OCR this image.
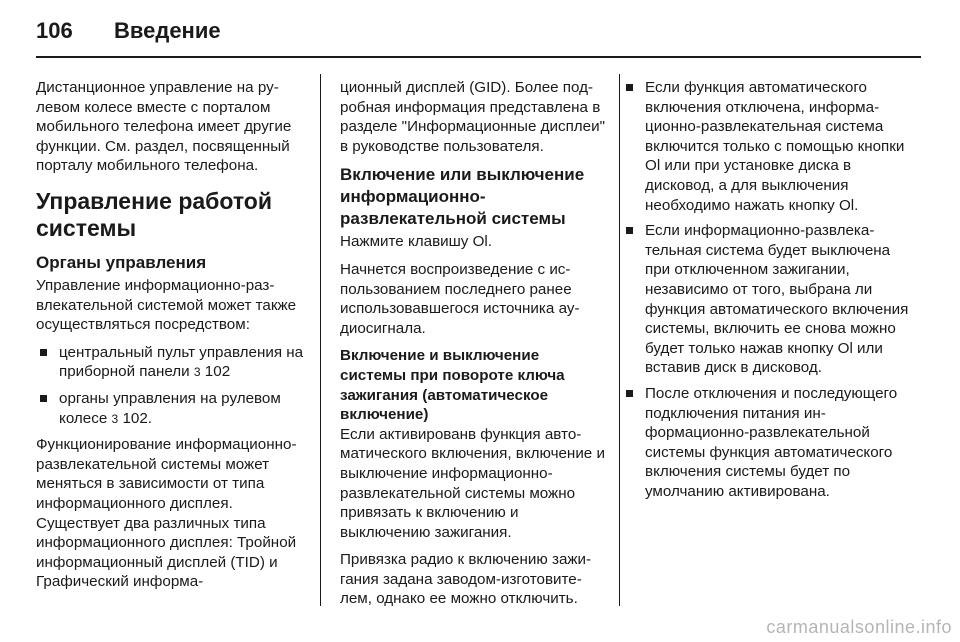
106	Введение

Дистанционное управление на рулевом колесе вместе с порталом мобильного телефона имеет другие функции. См. раздел, посвященный порталу мобильного телефона.

Управление работой системы
Органы управления

Управление информационно-развлекательной системой может также осуществляться посредством:

центральный пульт управления на приборной панели 3 102
органы управления на рулевом колесе 3 102.

Функционирование информационно-развлекательной системы может меняться в зависимости от типа информационного дисплея. Существует два различных типа информационного дисплея: Тройной информационный дисплей (TID) и Графический информа-

ционный дисплей (GID). Более подробная информация представлена в разделе "Информационные дисплеи" в руководстве пользователя.

Включение или выключение информационно-развлекательной системы

Нажмите клавишу Ol.

Начнется воспроизведение с использованием последнего ранее использовавшегося источника аудиосигнала.

Включение и выключение системы при повороте ключа зажигания (автоматическое включение)

Если активированв функция автоматического включения, включение и выключение информационно-развлекательной системы можно привязать к включению и выключению зажигания.

Привязка радио к включению зажигания задана заводом-изготовителем, однако ее можно отключить.

Если функция автоматического включения отключена, информационно-развлекательная система включится только с помощью кнопки Ol или при установке диска в дисковод, а для выключения необходимо нажать кнопку Ol.
Если информационно-развлекательная система будет выключена при отключенном зажигании, независимо от того, выбрана ли функция автоматического включения системы, включить ее снова можно будет только нажав кнопку Ol или вставив диск в дисковод.
После отключения и последующего подключения питания информационно-развлекательной системы функция автоматического включения системы будет по умолчанию активирована.
carmanualsonline.info
